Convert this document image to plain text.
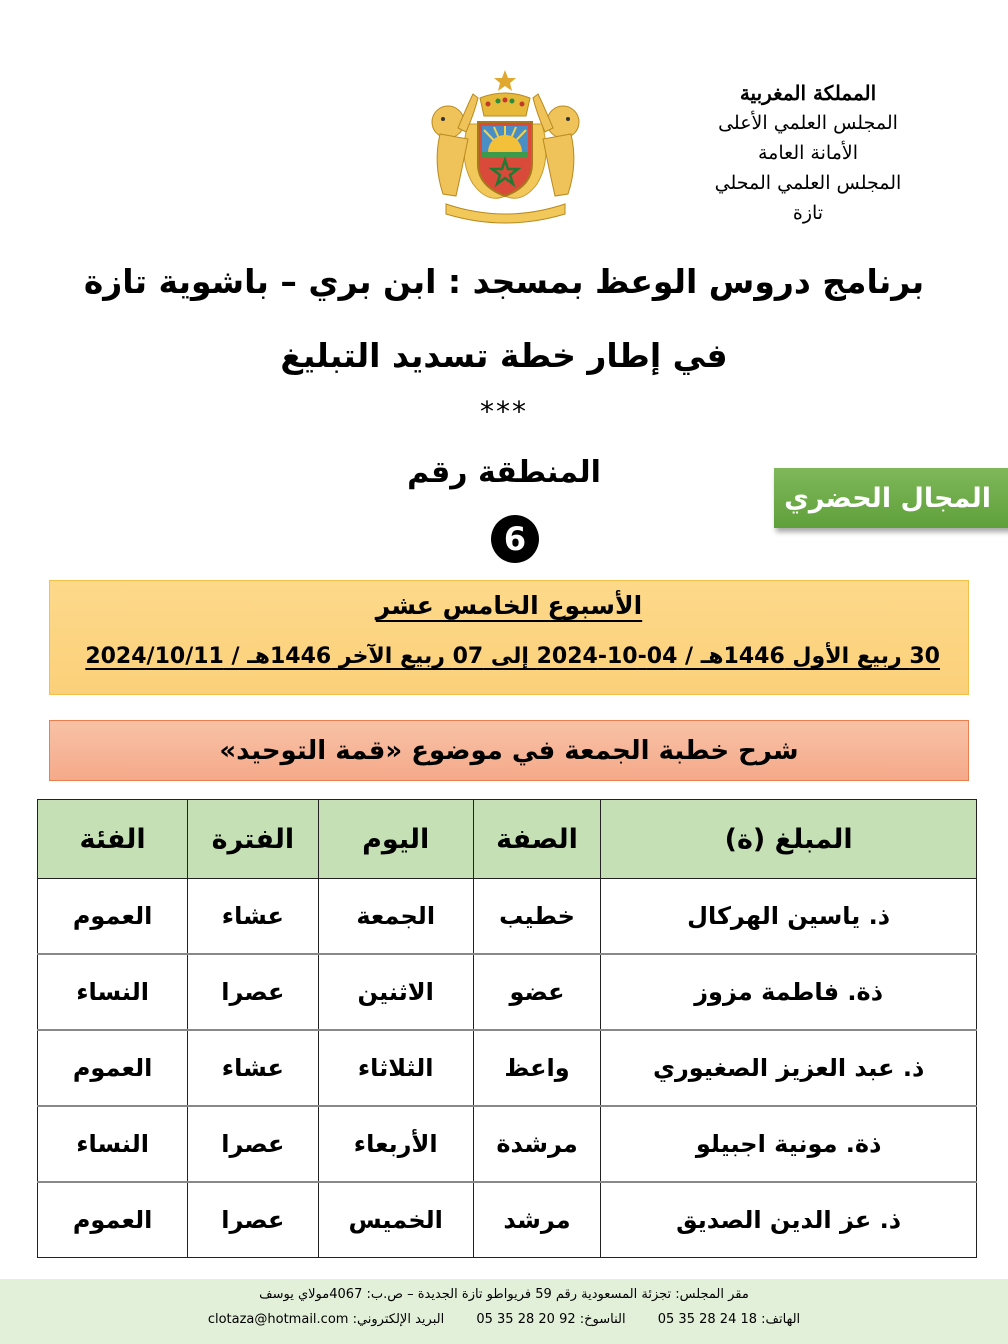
المملكة المغربية
المجلس العلمي الأعلى
الأمانة العامة
المجلس العلمي المحلي
تازة
برنامج دروس الوعظ بمسجد : ابن بري – باشوية تازة
في إطار خطة تسديد التبليغ
***
المنطقة رقم
6
المجال الحضري
الأسبوع الخامس عشر
30 ربيع الأول 1446هـ / 04-10-2024 إلى 07 ربيع الآخر 1446هـ / 2024/10/11
شرح خطبة الجمعة في موضوع «قمة التوحيد»
المبلغ (ة)	الصفة	اليوم	الفترة	الفئة
ذ. ياسين الهركال	خطيب	الجمعة	عشاء	العموم
ذة. فاطمة مزوز	عضو	الاثنين	عصرا	النساء
ذ. عبد العزيز الصغيوري	واعظ	الثلاثاء	عشاء	العموم
ذة. مونية اجبيلو	مرشدة	الأربعاء	عصرا	النساء
ذ. عز الدين الصديق	مرشد	الخميس	عصرا	العموم
مقر المجلس: تجزئة المسعودية رقم 59 فريواطو تازة الجديدة – ص.ب: 4067مولاي يوسف
الهاتف: 18 24 28 35 05 الناسوخ: 92 20 28 35 05 البريد الإلكتروني: clotaza@hotmail.com
